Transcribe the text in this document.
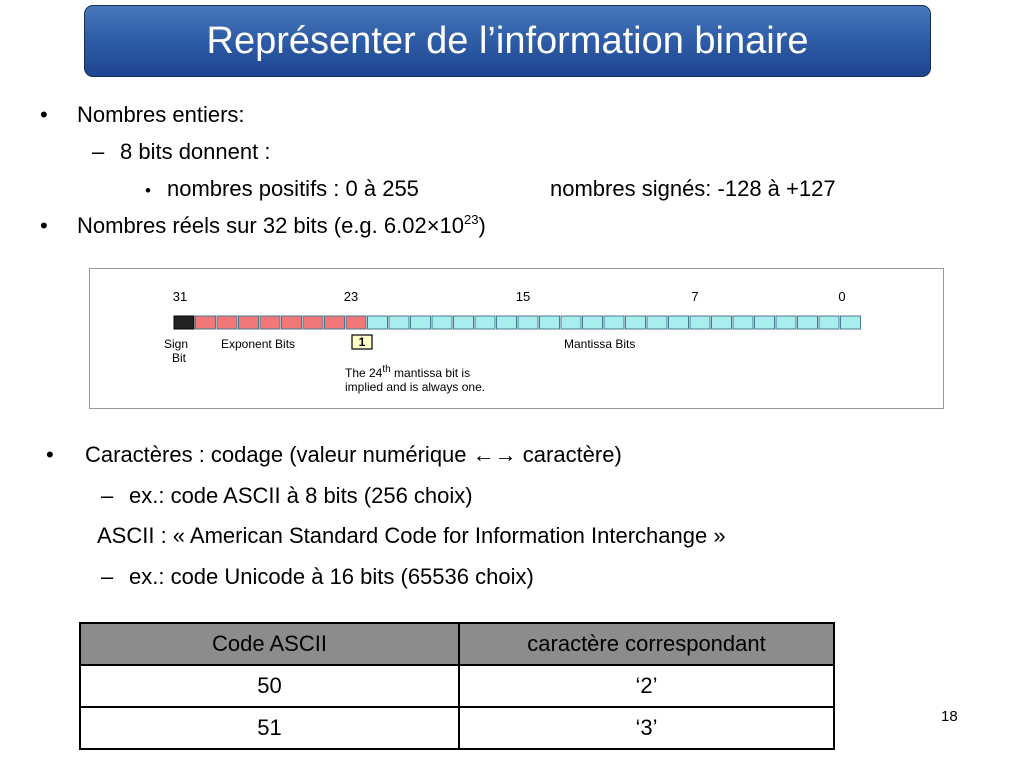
Représenter de l’information binaire
• Nombres entiers:
– 8 bits donnent :
• nombres positifs : 0 à 255	nombres signés: -128 à +127
• Nombres réels sur 32 bits (e.g. $6.02\times 10^{23}$)
31	23	15	7	0
Sign
Bit
Exponent Bits	Mantissa Bits
The 24th mantissa bit is
implied and is always one.
1
• Caractères : codage (valeur numérique ←→ caractère)
– ex.: code ASCII à 8 bits (256 choix)
ASCII : « American Standard Code for Information Interchange »
– ex.: code Unicode à 16 bits (65536 choix)
Code ASCII	caractère correspondant
50	‘2’
51	‘3’	18
